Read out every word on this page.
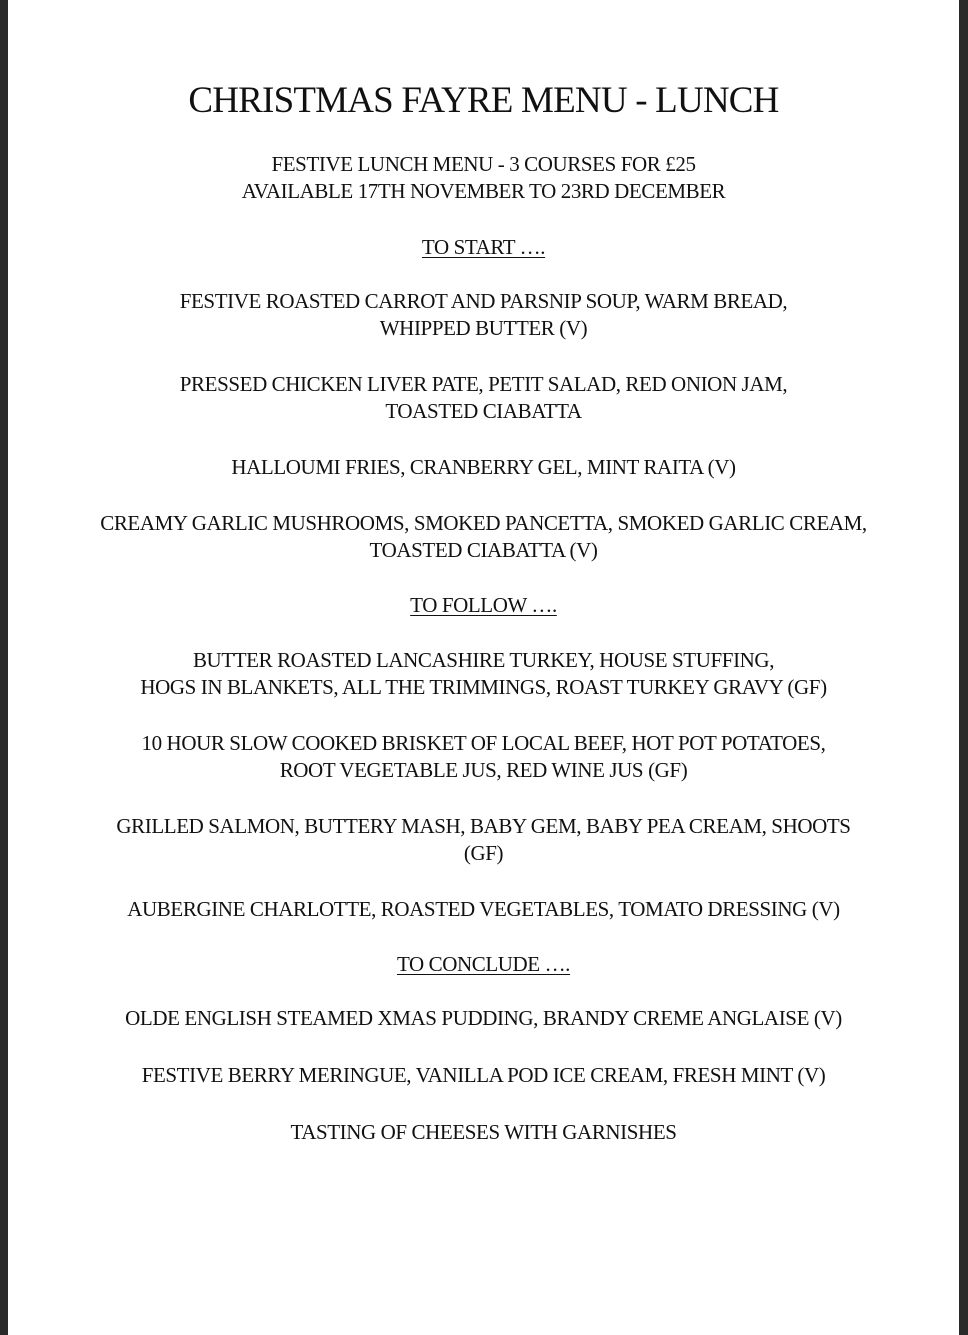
CHRISTMAS FAYRE MENU - LUNCH
FESTIVE LUNCH MENU - 3 COURSES FOR £25
AVAILABLE 17TH NOVEMBER TO 23RD DECEMBER
TO START ….
FESTIVE ROASTED CARROT AND PARSNIP SOUP, WARM BREAD,
WHIPPED BUTTER (V)
PRESSED CHICKEN LIVER PATE, PETIT SALAD, RED ONION JAM,
TOASTED CIABATTA
HALLOUMI FRIES, CRANBERRY GEL, MINT RAITA (V)
CREAMY GARLIC MUSHROOMS, SMOKED PANCETTA, SMOKED GARLIC CREAM,
TOASTED CIABATTA (V)
TO FOLLOW ….
BUTTER ROASTED LANCASHIRE TURKEY, HOUSE STUFFING,
HOGS IN BLANKETS, ALL THE TRIMMINGS, ROAST TURKEY GRAVY (GF)
10 HOUR SLOW COOKED BRISKET OF LOCAL BEEF, HOT POT POTATOES,
ROOT VEGETABLE JUS, RED WINE JUS (GF)
GRILLED SALMON, BUTTERY MASH, BABY GEM, BABY PEA CREAM, SHOOTS
(GF)
AUBERGINE CHARLOTTE, ROASTED VEGETABLES, TOMATO DRESSING (V)
TO CONCLUDE ….
OLDE ENGLISH STEAMED XMAS PUDDING, BRANDY CREME ANGLAISE (V)
FESTIVE BERRY MERINGUE, VANILLA POD ICE CREAM, FRESH MINT (V)
TASTING OF CHEESES WITH GARNISHES
